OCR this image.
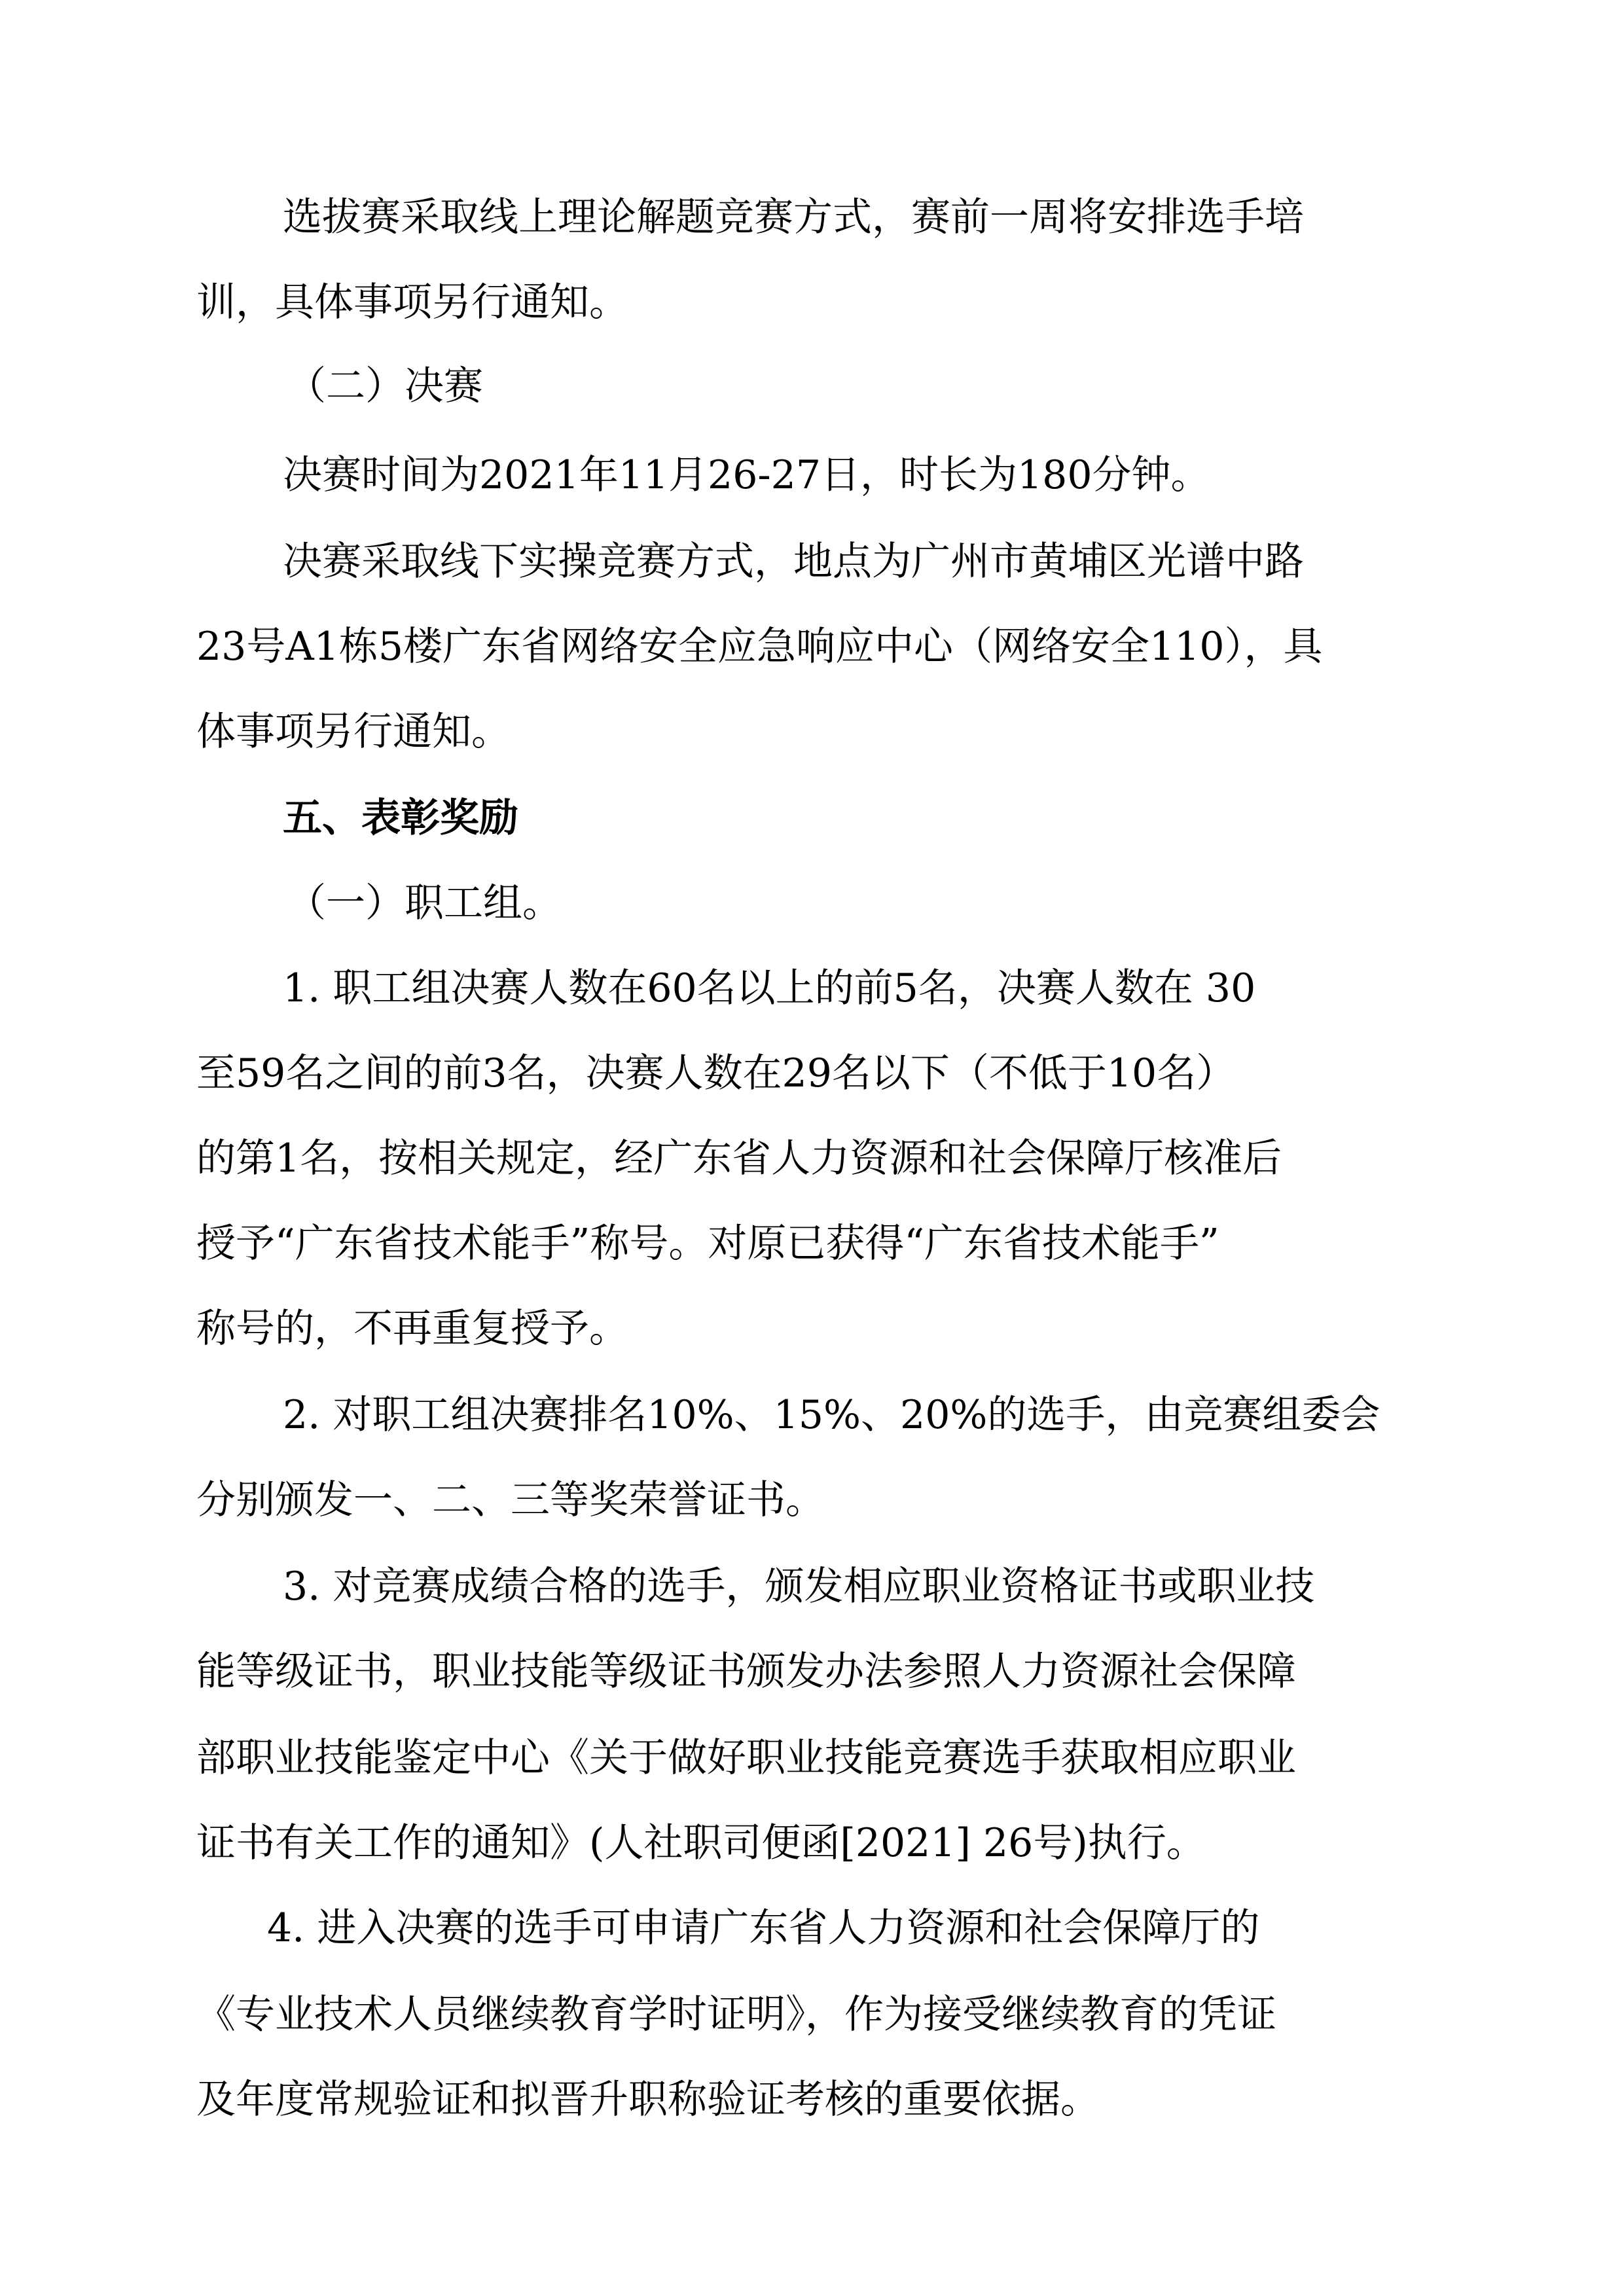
选拔赛采取线上理论解题竞赛方式，赛前一周将安排选手培
训，具体事项另行通知。
（二）决赛
决赛时间为2021年11月26-27日，时长为180分钟。
决赛采取线下实操竞赛方式，地点为广州市黄埔区光谱中路
23号A1栋5楼广东省网络安全应急响应中心（网络安全110），具
体事项另行通知。
五、表彰奖励
（一）职工组。
1. 职工组决赛人数在60名以上的前5名，决赛人数在 30
至59名之间的前3名，决赛人数在29名以下（不低于10名）
的第1名，按相关规定，经广东省人力资源和社会保障厅核准后
授予“广东省技术能手”称号。对原已获得“广东省技术能手”
称号的，不再重复授予。
2. 对职工组决赛排名10%、15%、20%的选手，由竞赛组委会
分别颁发一、二、三等奖荣誉证书。
3. 对竞赛成绩合格的选手，颁发相应职业资格证书或职业技
能等级证书，职业技能等级证书颁发办法参照人力资源社会保障
部职业技能鉴定中心《关于做好职业技能竞赛选手获取相应职业
证书有关工作的通知》(人社职司便函[2021] 26号)执行。
4. 进入决赛的选手可申请广东省人力资源和社会保障厅的
《专业技术人员继续教育学时证明》，作为接受继续教育的凭证
及年度常规验证和拟晋升职称验证考核的重要依据。
